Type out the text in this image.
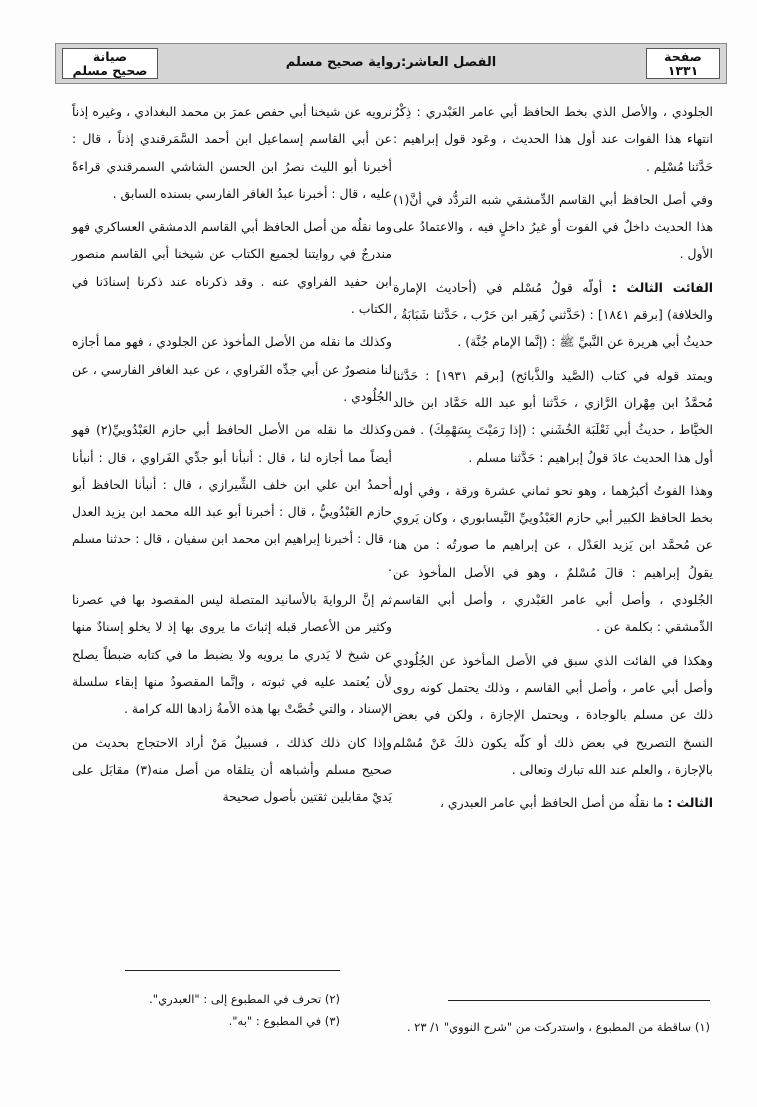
صفحة
١٣٣١
الفصل العاشر:رواية صحيح مسلم
صيانة
صحيح مسلم

الجلودي ، والأصل الذي بخط الحافظ أبي عامر العَبْدري : ذِكْرُ انتهاء هذا الفوات عند أول هذا الحديث ، وعَود قول إبراهيم : حَدَّثنا مُسْلِم .

وفي أصل الحافظ أبي القاسم الدِّمشقي شبه التردُّد في أنَّ(١) هذا الحديث داخلٌ في الفوت أو غيرُ داخلٍ فيه ، والاعتمادُ على الأول .

الفائت الثالث : أولّه قولُ مُسْلم في (أحاديث الإمارة والخلافة) [برقم ١٨٤١] : (حَدَّثني زُهَير ابن حَرْب ، حَدَّثنا شَبَابَةُ ، حديثُ أبي هريرة عن النَّبيِّ ﷺ : (إنَّما الإمام جُنَّة) .

ويمتد قوله في كتاب (الصَّيد والذَّبائح) [برقم ١٩٣١] : حَدَّثنا مُحمَّدُ ابن مِهْران الرَّازي ، حَدَّثنا أبو عبد الله حَمَّاد ابن خالد الخيَّاط ، حديثُ أبي ثَعْلَبَة الخُشَني : (إذا رَمَيْتَ بِسَهْمِكَ) . فمن أول هذا الحديث عادَ قولُ إبراهيم : حَدَّثنا مسلم .

وهذا الفوتُ أكبرُهما ، وهو نحو ثماني عشرة ورقة ، وفي أوله بخط الحافظ الكبير أبي حازم العَبْدُوييِّ النَّيسابوري ، وكان يَروي عن مُحمَّد ابن يَزيد العَدْل ، عن إبراهيم ما صورتُه : من هنا يقولُ إبراهيم : قالَ مُسْلمٌ ، وهو في الأصل المأخوذ عن الجُلودي ، وأصل أبي عامر العَبْدري ، وأصل أبي القاسم الدِّمشقي : بكلمة عن .

وهكذا في الفائت الذي سبق في الأصل المأخوذ عن الجُلُودي وأصل أبي عامر ، وأصل أبي القاسم ، وذلك يحتمل كونه روى ذلك عن مسلم بالوجادة ، ويحتمل الإجازة ، ولكن في بعض النسخ التصريح في بعض ذلك أو كلّه يكون ذلكَ عَنْ مُسْلم بالإجازة ، والعلم عند الله تبارك وتعالى .

الثالث : ما نقلُه من أصل الحافظ أبي عامر العبدري ،

نرويه عن شيخنا أبي حفص عمرَ بن محمد البغدادي ، وغيره إذناً عن أبي القاسم إسماعيل ابن أحمد السَّمَرقندي إذناً ، قال : أخبرنا أبو الليث نصرُ ابن الحسن الشاشي السمرقندي قراءةً عليه ، قال : أخبرنا عبدُ الغافر الفارسي بسنده السابق .

وما نقلُه من أصل الحافظ أبي القاسم الدمشقي العساكري فهو مندرجٌ في روايتنا لجميع الكتاب عن شيخنا أبي القاسم منصور ابن حفيد الفراوي عنه . وقد ذكرناه عند ذكرنا إسنادَنا في الكتاب .

وكذلك ما نقله من الأصل المأخوذ عن الجلودي ، فهو مما أجازه لنا منصورٌ عن أبي جدِّه الفَراوي ، عن عبد الغافر الفارسي ، عن الجُلُودي .

وكذلك ما نقله من الأصل الحافظ أبي حازم العَبْدُوييِّ(٢) فهو أيضاً مما أجازه لنا ، قال : أنبأنا أبو جدِّي الفَراوي ، قال : أنبأنا أحمدُ ابن علي ابن خلف الشِّيرازي ، قال : أنبأنا الحافظ أبو حازم العَبْدُوييُّ ، قال : أخبرنا أبو عبد الله محمد ابن يزيد العدل ، قال : أخبرنا إبراهيم ابن محمد ابن سفيان ، قال : حدثنا مسلم .

ثم إنَّ الروايةَ بالأسانيد المتصلة ليس المقصود بها في عصرنا وكثير من الأعصار قبله إثباتَ ما يروى بها إذ لا يخلو إسنادٌ منها عن شيخ لا يَدري ما يرويه ولا يضبط ما في كتابه ضبطاً يصلح لأن يُعتمد عليه في ثبوته ، وإنَّما المقصودُ منها إبقاء سلسلة الإسناد ، والتي خُصَّتْ بها هذه الأمةُ زادها الله كرامة .

وإذا كان ذلك كذلك ، فسبيلُ مَنْ أراد الاحتجاج بحديث من صحيح مسلم وأشباهه أن يتلقاه من أصل منه(٣) مقابَل على يَديْ مقابلين ثقتين بأصول صحيحة

(١) ساقطة من المطبوع ، واستدركت من "شرح النووي" ١/ ٢٣ .
(٢) تحرف في المطبوع إلى : "العبدري".
(٣) في المطبوع : "به".
